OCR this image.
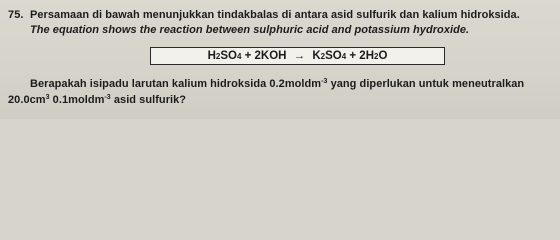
75. Persamaan di bawah menunjukkan tindakbalas di antara asid sulfurik dan kalium hidroksida.
The equation shows the reaction between sulphuric acid and potassium hydroxide.
H 2 SO 4 + 2KOH → K 2 SO 4 + 2H 2 O
Berapakah isipadu larutan kalium hidroksida 0.2moldm$^{-3}$ yang diperlukan untuk meneutralkan
$20.0cm^3$ 0.1moldm$^{-3}$ asid sulfurik?
